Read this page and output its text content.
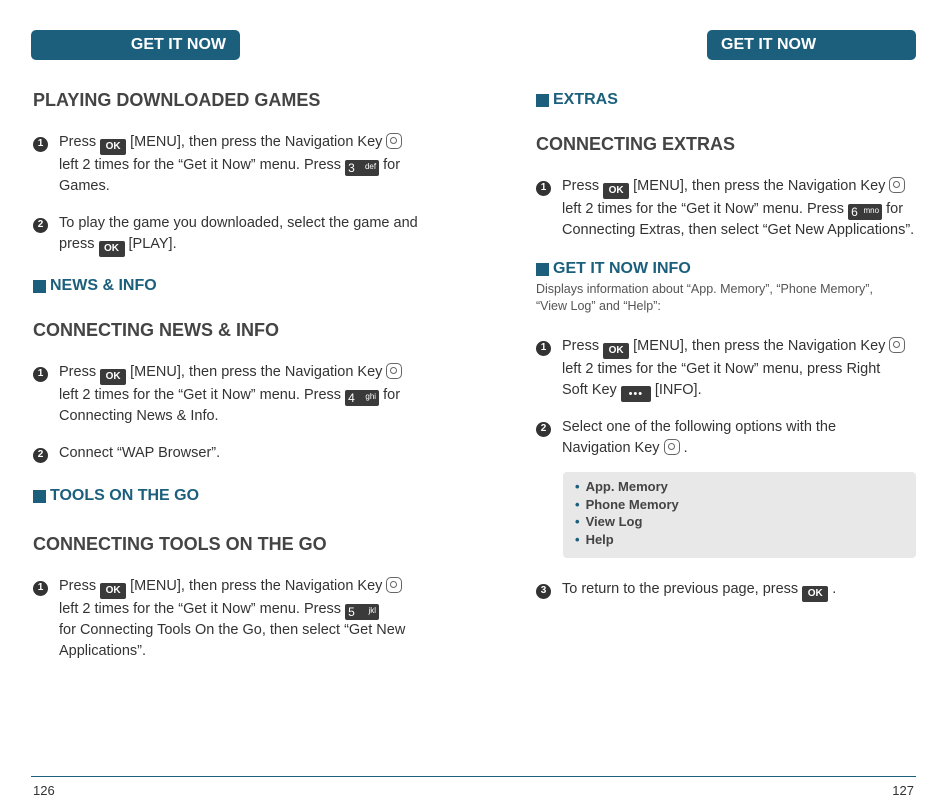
GET IT NOW	GET IT NOW
PLAYING DOWNLOADED GAMES
1	Press OK [MENU], then press the Navigation Key
left 2 times for the “Get it Now” menu. Press 3 def for
Games.
2	To play the game you downloaded, select the game and
press OK [PLAY].
NEWS & INFO
CONNECTING NEWS & INFO
1	Press OK [MENU], then press the Navigation Key
left 2 times for the “Get it Now” menu. Press 4 ghi for
Connecting News & Info.
2	Connect “WAP Browser”.
TOOLS ON THE GO
CONNECTING TOOLS ON THE GO
1	Press OK [MENU], then press the Navigation Key
left 2 times for the “Get it Now” menu. Press 5 jkl

for Connecting Tools On the Go, then select “Get New
Applications”.
EXTRAS
CONNECTING EXTRAS
1	Press OK [MENU], then press the Navigation Key
left 2 times for the “Get it Now” menu. Press 6 mno for
Connecting Extras, then select “Get New Applications”.
GET IT NOW INFO
Displays information about “App. Memory”, “Phone Memory”,
“View Log” and “Help”:
1	Press OK [MENU], then press the Navigation Key
left 2 times for the “Get it Now” menu, press Right
Soft Key ••• [INFO].
2	Select one of the following options with the
Navigation Key .
• App. Memory
• Phone Memory
• View Log
• Help
3	To return to the previous page, press OK .
126	127
